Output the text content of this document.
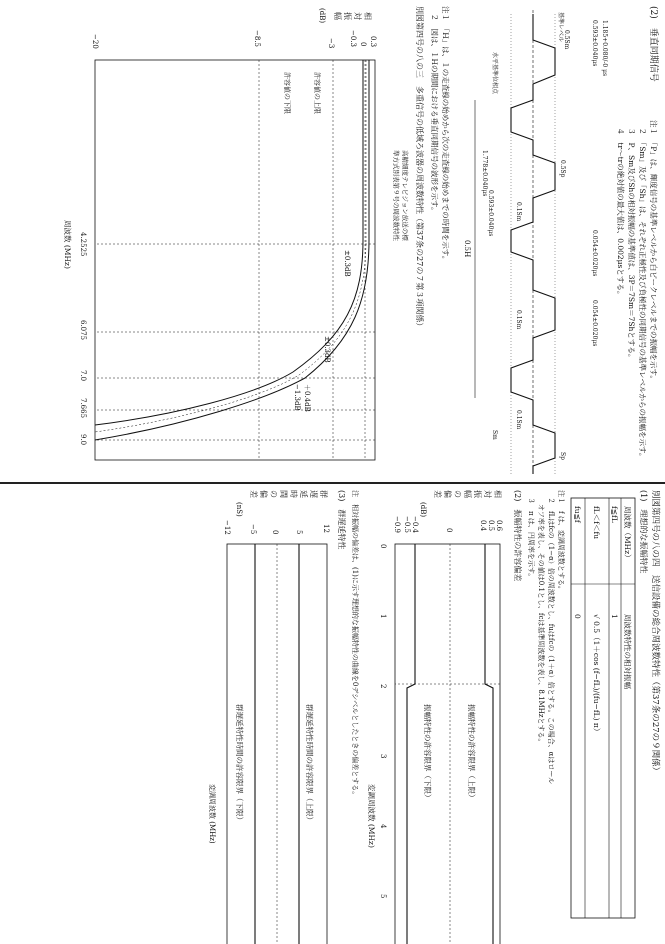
(2)　垂直同期信号
注１　「P」は、輝度信号の基準レベルから白ピークレベルまでの振幅を示す。
　２　「Sm」及び「Sh」は、それぞれ正極性及び負極性の同期信号の基準レベルからの振幅を示す。
　３　P、Sm及びShの相対振幅の基準値は、3P＝7Sm＝7Shとする。
　４　tr～trの絶対値の最大値は、0.002μsとする。
基準レベル
水平基準位相点
0.5H
0.5Sm
0.5Sp
0.1Sm
0.1Sm
0.1Sm
Sm
Sp
1.185+0.080/-0 μs
0.593±0.040μs
0.593±0.040μs
0.054±0.020μs
0.054±0.020μs
1.778±0.040μs
注１　「H」は、１の走査線の始めから次の走査線の始めまでの時間を示す。
　２　図は、１Hの期間における垂直同期信号の波形を示す。
別図第四号の八の三　多重信号の低域ろ波器の周波数特性（第37条の27の７第３項関係）
高精細度テレビジョン放送の標
準方式別表第９号の周波数特性
相
対
振
幅
(dB)
0.3
0
−0.3
−3
−8.5
−20
4.2525
6.075
7.0
7.665
9.0
周波数 (MHz)
許容値の上限
許容値の下限
±0.3dB
±0.3dB
＋0.4dB
−1.3dB
別図第四号の八の四　送信設備の総合周波数特性（第37条の27の９関係）
(1)　理想的な振幅特性
周波数（MHz）
周波数特性の相対振幅
f≦fL
1
fL＜f＜fu
√ 0.5（1＋cos (f−fL)/(fu−fL) π）
fu≦f
0
注１　f は、変調周波数とする。
　２　fLはfcの（1−α）倍の周波数とし、fuはfcの（1＋α）倍とする。この場合、αはロール
　　オフ率を表し、その値は0.1とし、fcは基準周波数を表し、8.1MHzとする。
　３　π は、円周率を示す。
(2)　振幅特性の許容偏差
相
対
振
幅
の
偏
差
(dB)
0.6
0.5
0.4
0
−0.4
−0.5
−0.9
0
1
2
3
4
5
変調周波数 (MHz)
振幅特性の許容限界（上限）
振幅特性の許容限界（下限）
注　相対振幅の偏差は、(1)に示す理想的な振幅特性の曲線を0デシベルとしたときの偏差とする。
(3)　群遅延特性
群
遅
延
時
間
の
偏
差
(nS)
12
5
0
−5
−12
群遅延特性時間の許容限界（上限）
群遅延特性時間の許容限界（下限）
変調周波数 (MHz)
